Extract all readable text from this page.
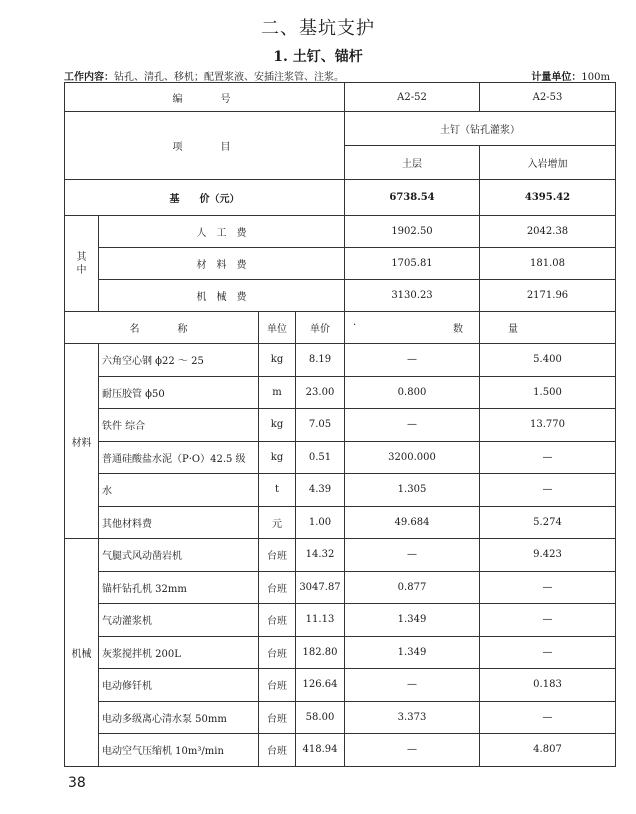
二、基坑支护
1. 土钉、锚杆
工作内容：钻孔、清孔、移机；配置浆液、安插注浆管、注浆。	计量单位：100m
编　　号				A2-52	A2-53
项　　目				土钉（钻孔灌浆）	
				土层	入岩增加
基　　价（元）				6738.54	4395.42
其
中	人　工　费			1902.50	2042.38
	材　料　费			1705.81	181.08
	机　械　费			3130.23	2171.96
名　　称		单位	单价	· 数	量

材料	六角空心钢 ϕ22 ～ 25	kg	8.19	—	5.400
	耐压胶管 ϕ50	m	23.00	0.800	1.500
	铁件 综合	kg	7.05	—	13.770
	普通硅酸盐水泥（P·O）42.5 级	kg	0.51	3200.000	—
	水	t	4.39	1.305	—
	其他材料费	元	1.00	49.684	5.274
机械	气腿式风动凿岩机	台班	14.32	—	9.423
	锚杆钻孔机 32mm	台班	3047.87	0.877	—
	气动灌浆机	台班	11.13	1.349	—
	灰浆搅拌机 200L	台班	182.80	1.349	—
	电动修钎机	台班	126.64	—	0.183
	电动多级离心清水泵 50mm	台班	58.00	3.373	—
	电动空气压缩机 10m³/min	台班	418.94	—	4.807
38
